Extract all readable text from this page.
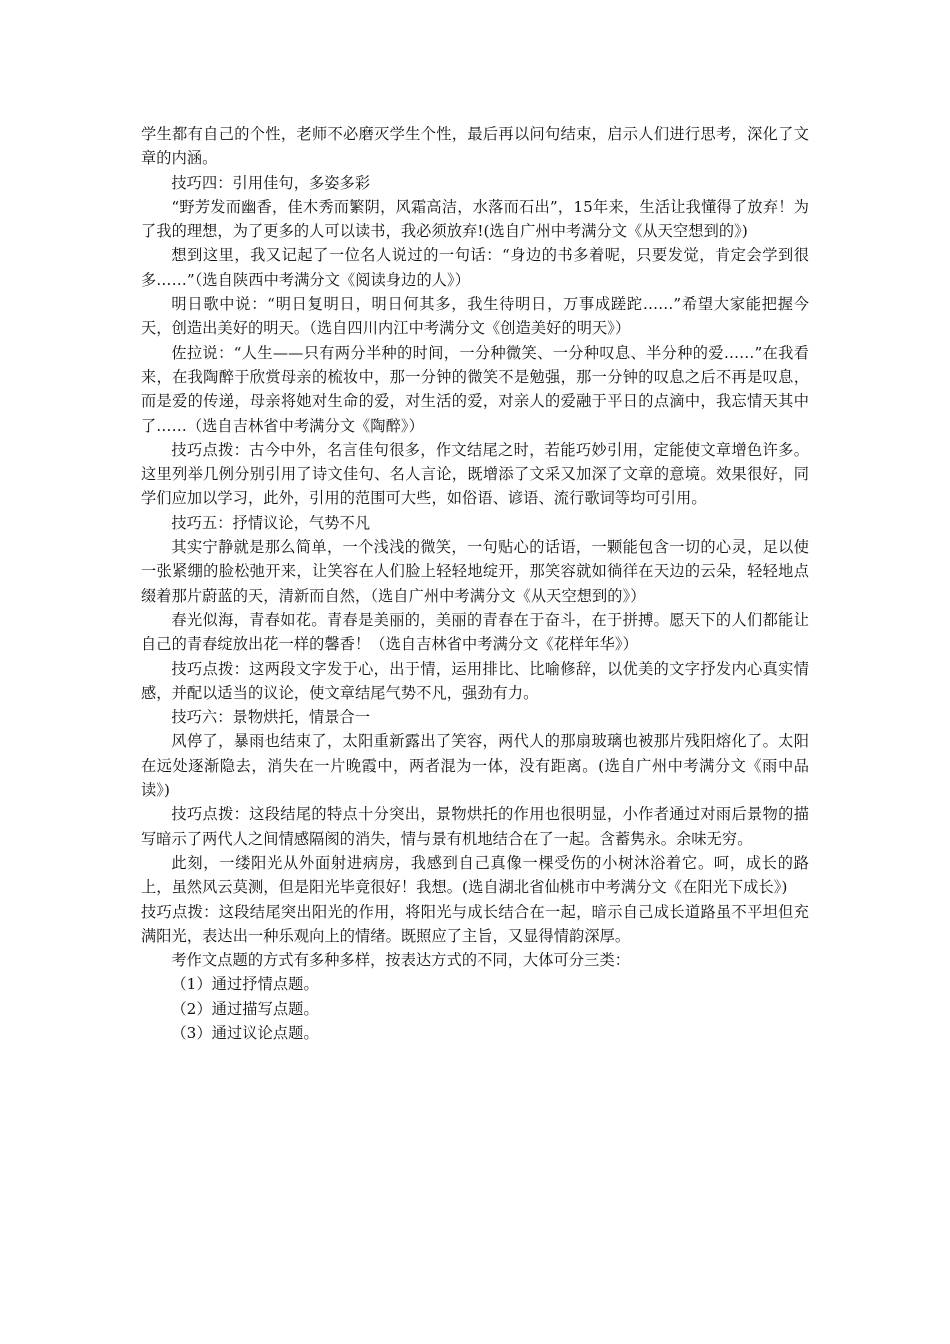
学生都有自己的个性，老师不必磨灭学生个性，最后再以问句结束，启示人们进行思考，深化了文章的内涵。

技巧四：引用佳句，多姿多彩

“野芳发而幽香，佳木秀而繁阴，风霜高洁，水落而石出”，15年来，生活让我懂得了放弃！为了我的理想，为了更多的人可以读书，我必须放弃!(选自广州中考满分文《从天空想到的》)

想到这里，我又记起了一位名人说过的一句话：“身边的书多着呢，只要发觉，肯定会学到很多……”（选自陕西中考满分文《阅读身边的人》）

明日歌中说：“明日复明日，明日何其多，我生待明日，万事成蹉跎……”希望大家能把握今天，创造出美好的明天。（选自四川内江中考满分文《创造美好的明天》）

佐拉说：“人生——只有两分半种的时间，一分种微笑、一分种叹息、半分种的爱……”在我看来，在我陶醉于欣赏母亲的梳妆中，那一分钟的微笑不是勉强，那一分钟的叹息之后不再是叹息，而是爱的传递，母亲将她对生命的爱，对生活的爱，对亲人的爱融于平日的点滴中，我忘情天其中了……（选自吉林省中考满分文《陶醉》）

技巧点拨：古今中外，名言佳句很多，作文结尾之时，若能巧妙引用，定能使文章增色许多。这里列举几例分别引用了诗文佳句、名人言论，既增添了文采又加深了文章的意境。效果很好，同学们应加以学习，此外，引用的范围可大些，如俗语、谚语、流行歌词等均可引用。

技巧五：抒情议论，气势不凡

其实宁静就是那么简单，一个浅浅的微笑，一句贴心的话语，一颗能包含一切的心灵，足以使一张紧绷的脸松弛开来，让笑容在人们脸上轻轻地绽开，那笑容就如徜徉在天边的云朵，轻轻地点缀着那片蔚蓝的天，清新而自然，（选自广州中考满分文《从天空想到的》）

春光似海，青春如花。青春是美丽的，美丽的青春在于奋斗，在于拼搏。愿天下的人们都能让自己的青春绽放出花一样的馨香！（选自吉林省中考满分文《花样年华》）

技巧点拨：这两段文字发于心，出于情，运用排比、比喻修辞，以优美的文字抒发内心真实情感，并配以适当的议论，使文章结尾气势不凡，强劲有力。

技巧六：景物烘托，情景合一

风停了，暴雨也结束了，太阳重新露出了笑容，两代人的那扇玻璃也被那片残阳熔化了。太阳在远处逐渐隐去，消失在一片晚霞中，两者混为一体，没有距离。(选自广州中考满分文《雨中品读》)

技巧点拨：这段结尾的特点十分突出，景物烘托的作用也很明显，小作者通过对雨后景物的描写暗示了两代人之间情感隔阂的消失，情与景有机地结合在了一起。含蓄隽永。余味无穷。

此刻，一缕阳光从外面射进病房，我感到自己真像一棵受伤的小树沐浴着它。呵，成长的路上，虽然风云莫测，但是阳光毕竟很好！我想。(选自湖北省仙桃市中考满分文《在阳光下成长》)

技巧点拨：这段结尾突出阳光的作用，将阳光与成长结合在一起，暗示自己成长道路虽不平坦但充满阳光，表达出一种乐观向上的情绪。既照应了主旨，又显得情韵深厚。

考作文点题的方式有多种多样，按表达方式的不同，大体可分三类：

（1）通过抒情点题。

（2）通过描写点题。

（3）通过议论点题。
